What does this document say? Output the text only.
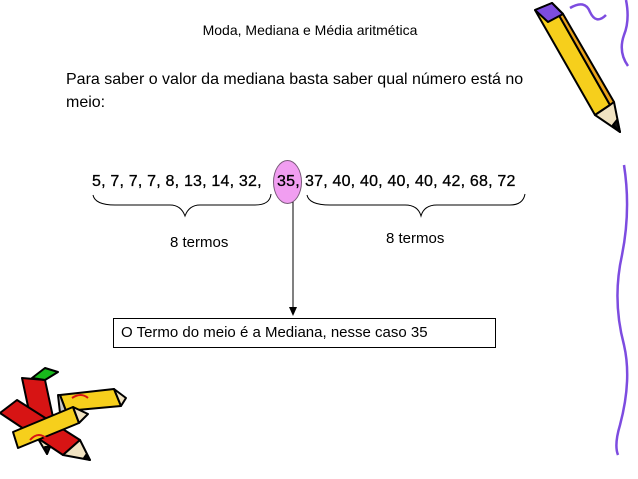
Moda, Mediana e Média aritmética
Para saber o valor da mediana basta saber qual número está no meio:
5, 7, 7, 7, 8, 13, 14, 32, 35, 37, 40, 40, 40, 40, 42, 68, 72
8 termos	8 termos
O Termo do meio é a Mediana, nesse caso 35
